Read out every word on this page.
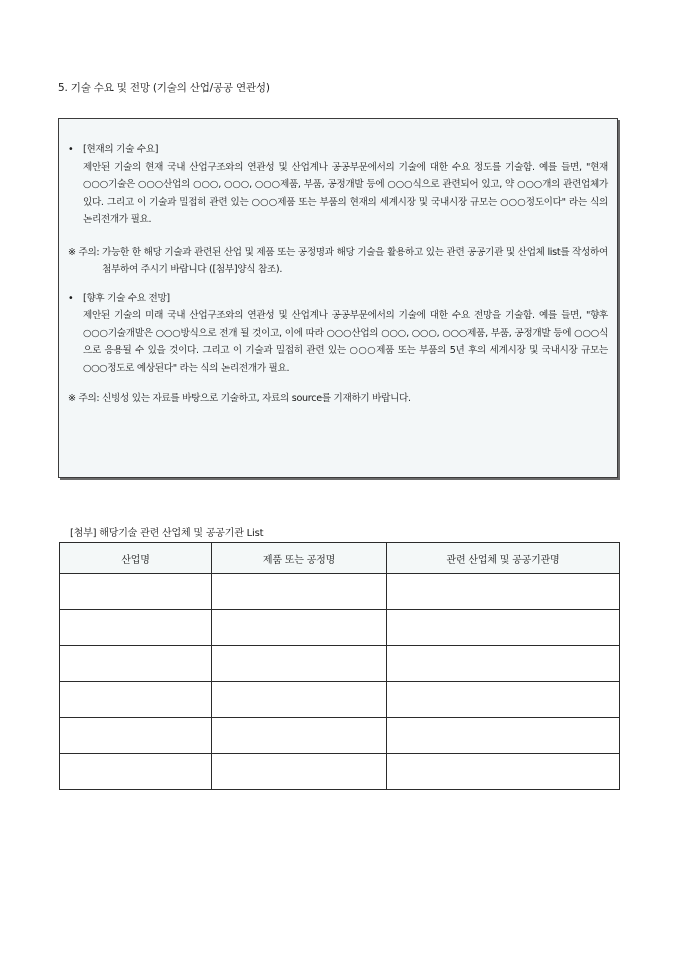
5. 기술 수요 및 전망 (기술의 산업/공공 연관성)
•	[현재의 기술 수요]
제안된 기술의 현재 국내 산업구조와의 연관성 및 산업계나 공공부문에서의 기술에 대한 수요 정도를 기술함. 예를 들면, "현재 ○○○기술은 ○○○산업의 ○○○, ○○○, ○○○제품, 부품, 공정개발 등에 ○○○식으로 관련되어 있고, 약 ○○○개의 관련업체가 있다. 그리고 이 기술과 밀접히 관련 있는 ○○○제품 또는 부품의 현재의 세계시장 및 국내시장 규모는 ○○○정도이다" 라는 식의 논리전개가 필요.
※ 주의: 가능한 한 해당 기술과 관련된 산업 및 제품 또는 공정명과 해당 기술을 활용하고 있는 관련 공공기관 및 산업체 list를 작성하여 첨부하여 주시기 바랍니다 ([첨부]양식 참조).
•	[향후 기술 수요 전망]
제안된 기술의 미래 국내 산업구조와의 연관성 및 산업계나 공공부문에서의 기술에 대한 수요 전망을 기술함. 예를 들면, "향후 ○○○기술개발은 ○○○방식으로 전개 될 것이고, 이에 따라 ○○○산업의 ○○○, ○○○, ○○○제품, 부품, 공정개발 등에 ○○○식으로 응용될 수 있을 것이다. 그리고 이 기술과 밀접히 관련 있는 ○○○제품 또는 부품의 5년 후의 세계시장 및 국내시장 규모는 ○○○정도로 예상된다" 라는 식의 논리전개가 필요.
※ 주의: 신빙성 있는 자료를 바탕으로 기술하고, 자료의 source를 기재하기 바랍니다.
[첨부] 해당기술 관련 산업체 및 공공기관 List
산업명	제품 또는 공정명	관련 산업체 및 공공기관명
